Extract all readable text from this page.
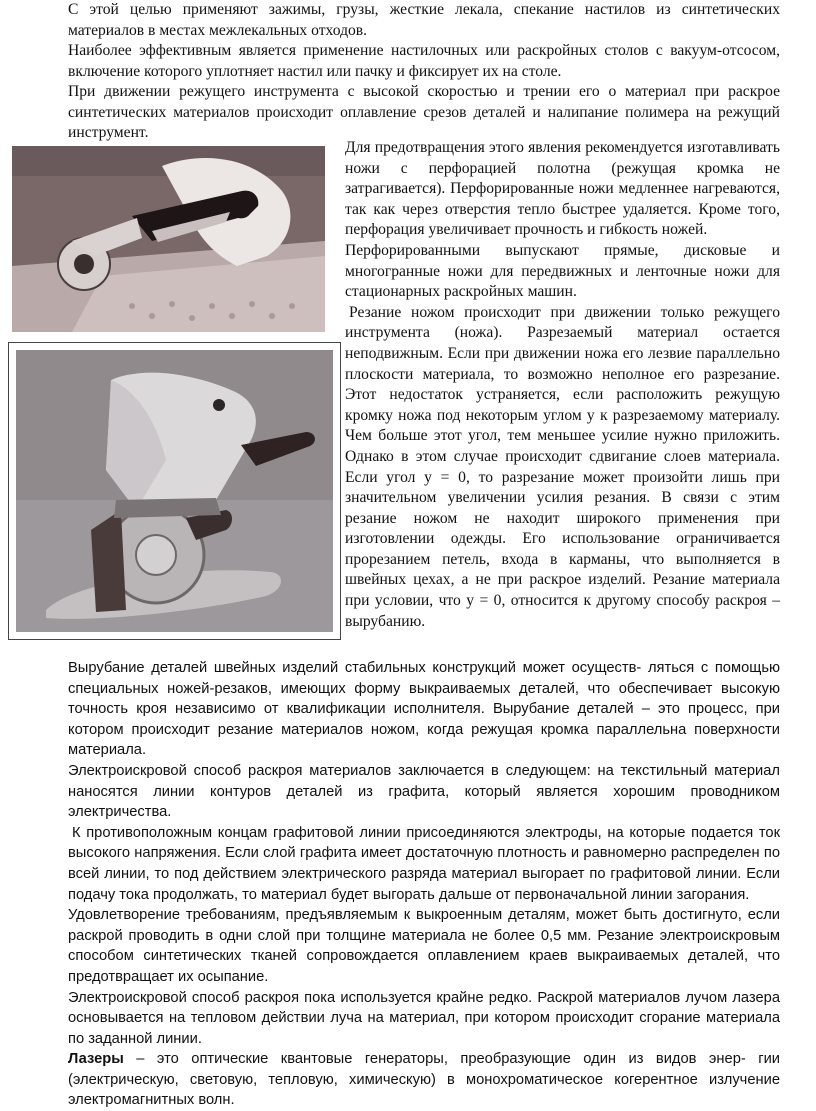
С этой целью применяют зажимы, грузы, жесткие лекала, спекание настилов из синтетических материалов в местах межлекальных отходов.

Наиболее эффективным является применение настилочных или раскройных столов с вакуум-отсосом, включение которого уплотняет настил или пачку и фиксирует их на столе.

При движении режущего инструмента с высокой скоростью и трении его о материал при раскрое синтетических материалов происходит оплавление срезов деталей и налипание полимера на режущий инструмент.

Для предотвращения этого явления рекомендуется изготавливать ножи с перфорацией полотна (режущая кромка не затрагивается). Перфорированные ножи медленнее нагреваются, так как через отверстия тепло быстрее удаляется. Кроме того, перфорация увеличивает прочность и гибкость ножей.

Перфорированными выпускают прямые, дисковые и многогранные ножи для передвижных и ленточные ножи для стационарных раскройных машин.

Резание ножом происходит при движении только режущего инструмента (ножа). Разрезаемый материал остается неподвижным. Если при движении ножа его лезвие параллельно плоскости материала, то возможно неполное его разрезание. Этот недостаток устраняется, если расположить режущую кромку ножа под некоторым углом у к разрезаемому материалу. Чем больше этот угол, тем меньшее усилие нужно приложить. Однако в этом случае происходит сдвигание слоев материала. Если угол у = 0, то разрезание может произойти лишь при значительном увеличении усилия резания. В связи с этим резание ножом не находит широкого применения при изготовлении одежды. Его использование ограничивается прорезанием петель, входа в карманы, что выполняется в швейных цехах, а не при раскрое изделий. Резание материала при условии, что у = 0, относится к другому способу раскроя – вырубанию.

Вырубание деталей швейных изделий стабильных конструкций может осуществ- ляться с помощью специальных ножей-резаков, имеющих форму выкраиваемых деталей, что обеспечивает высокую точность кроя независимо от квалификации исполнителя. Вырубание деталей – это процесс, при котором происходит резание материалов ножом, когда режущая кромка параллельна поверхности материала.

Электроискровой способ раскроя материалов заключается в следующем: на текстильный материал наносятся линии контуров деталей из графита, который является хорошим проводником электричества.

К противоположным концам графитовой линии присоединяются электроды, на которые подается ток высокого напряжения. Если слой графита имеет достаточную плотность и равномерно распределен по всей линии, то под действием электрического разряда материал выгорает по графитовой линии. Если подачу тока продолжать, то материал будет выгорать дальше от первоначальной линии загорания.

Удовлетворение требованиям, предъявляемым к выкроенным деталям, может быть достигнуто, если раскрой проводить в одни слой при толщине материала не более 0,5 мм. Резание электроискровым способом синтетических тканей сопровождается оплавлением краев выкраиваемых деталей, что предотвращает их осыпание.

Электроискровой способ раскроя пока используется крайне редко. Раскрой материалов лучом лазера основывается на тепловом действии луча на материал, при котором происходит сгорание материала по заданной линии.

Лазеры – это оптические квантовые генераторы, преобразующие один из видов энер- гии (электрическую, световую, тепловую, химическую) в монохроматическое когерентное излучение электромагнитных волн.
